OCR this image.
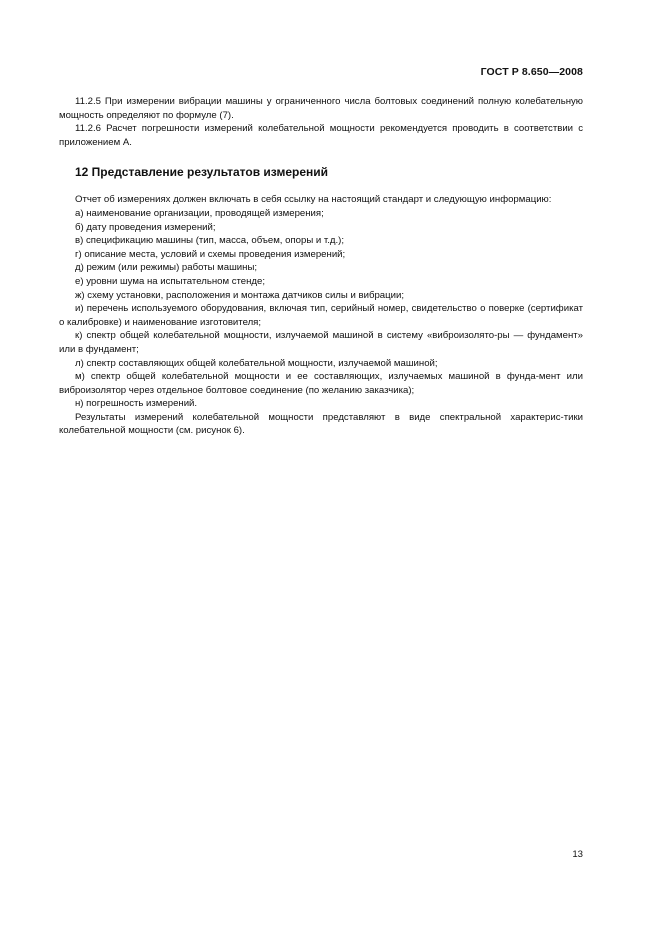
ГОСТ Р 8.650—2008

11.2.5 При измерении вибрации машины у ограниченного числа болтовых соединений полную колебательную мощность определяют по формуле (7).

11.2.6 Расчет погрешности измерений колебательной мощности рекомендуется проводить в соответствии с приложением А.

12 Представление результатов измерений

Отчет об измерениях должен включать в себя ссылку на настоящий стандарт и следующую информацию:

а) наименование организации, проводящей измерения;

б) дату проведения измерений;

в) спецификацию машины (тип, масса, объем, опоры и т.д.);

г) описание места, условий и схемы проведения измерений;

д) режим (или режимы) работы машины;

е) уровни шума на испытательном стенде;

ж) схему установки, расположения и монтажа датчиков силы и вибрации;

и) перечень используемого оборудования, включая тип, серийный номер, свидетельство о поверке (сертификат о калибровке) и наименование изготовителя;

к) спектр общей колебательной мощности, излучаемой машиной в систему «виброизолято-ры — фундамент» или в фундамент;

л) спектр составляющих общей колебательной мощности, излучаемой машиной;

м) спектр общей колебательной мощности и ее составляющих, излучаемых машиной в фунда-мент или виброизолятор через отдельное болтовое соединение (по желанию заказчика);

н) погрешность измерений.

Результаты измерений колебательной мощности представляют в виде спектральной характерис-тики колебательной мощности (см. рисунок 6).

13
